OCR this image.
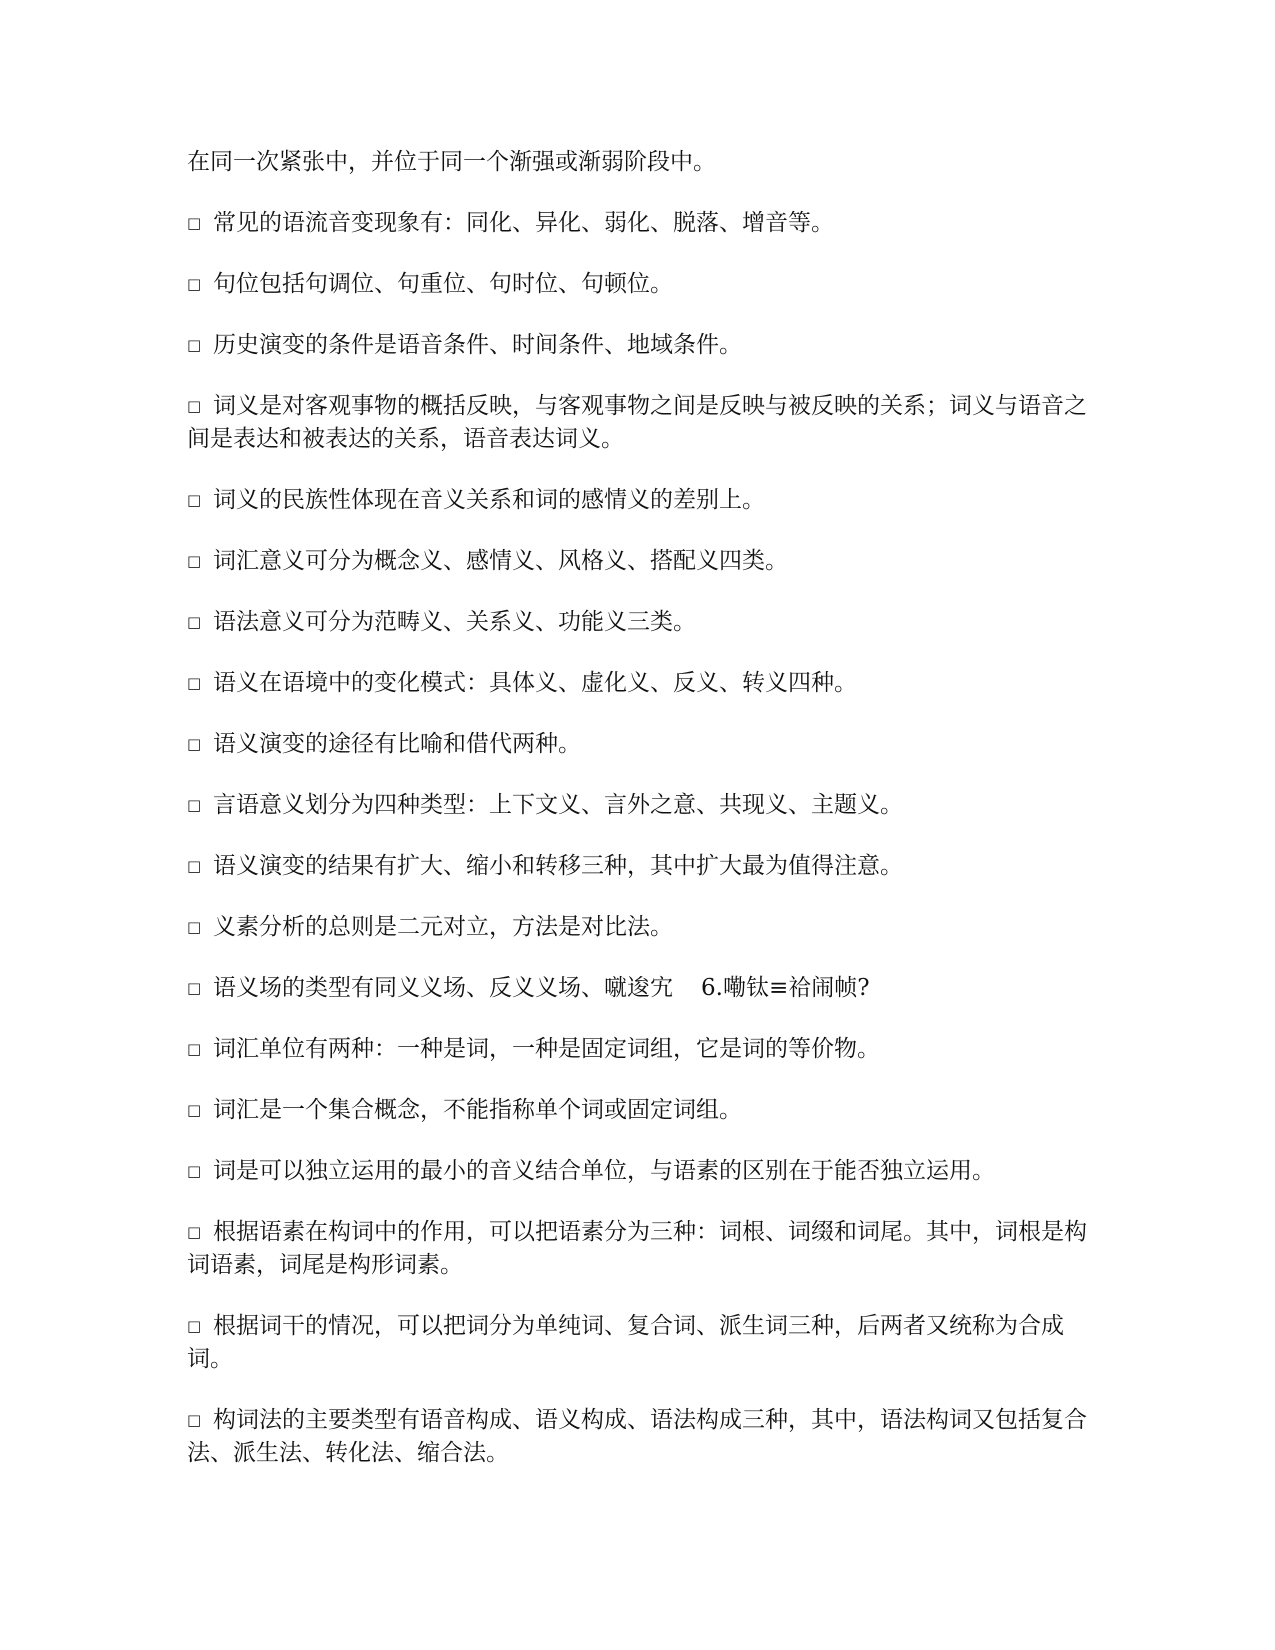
在同一次紧张中，并位于同一个渐强或渐弱阶段中。

□ 常见的语流音变现象有：同化、异化、弱化、脱落、增音等。

□ 句位包括句调位、句重位、句时位、句顿位。

□ 历史演变的条件是语音条件、时间条件、地域条件。

□ 词义是对客观事物的概括反映，与客观事物之间是反映与被反映的关系；词义与语音之间是表达和被表达的关系，语音表达词义。

□ 词义的民族性体现在音义关系和词的感情义的差别上。

□ 词汇意义可分为概念义、感情义、风格义、搭配义四类。

□ 语法意义可分为范畴义、关系义、功能义三类。

□ 语义在语境中的变化模式：具体义、虚化义、反义、转义四种。

□ 语义演变的途径有比喻和借代两种。

□ 言语意义划分为四种类型：上下文义、言外之意、共现义、主题义。

□ 语义演变的结果有扩大、缩小和转移三种，其中扩大最为值得注意。

□ 义素分析的总则是二元对立，方法是对比法。

□ 语义场的类型有同义义场、反义义场、噈逡宄 6.嘞钛≡祫闹帧?

□ 词汇单位有两种：一种是词，一种是固定词组，它是词的等价物。

□ 词汇是一个集合概念，不能指称单个词或固定词组。

□ 词是可以独立运用的最小的音义结合单位，与语素的区别在于能否独立运用。

□ 根据语素在构词中的作用，可以把语素分为三种：词根、词缀和词尾。其中，词根是构词语素，词尾是构形词素。

□ 根据词干的情况，可以把词分为单纯词、复合词、派生词三种，后两者又统称为合成词。

□ 构词法的主要类型有语音构成、语义构成、语法构成三种，其中，语法构词又包括复合法、派生法、转化法、缩合法。
